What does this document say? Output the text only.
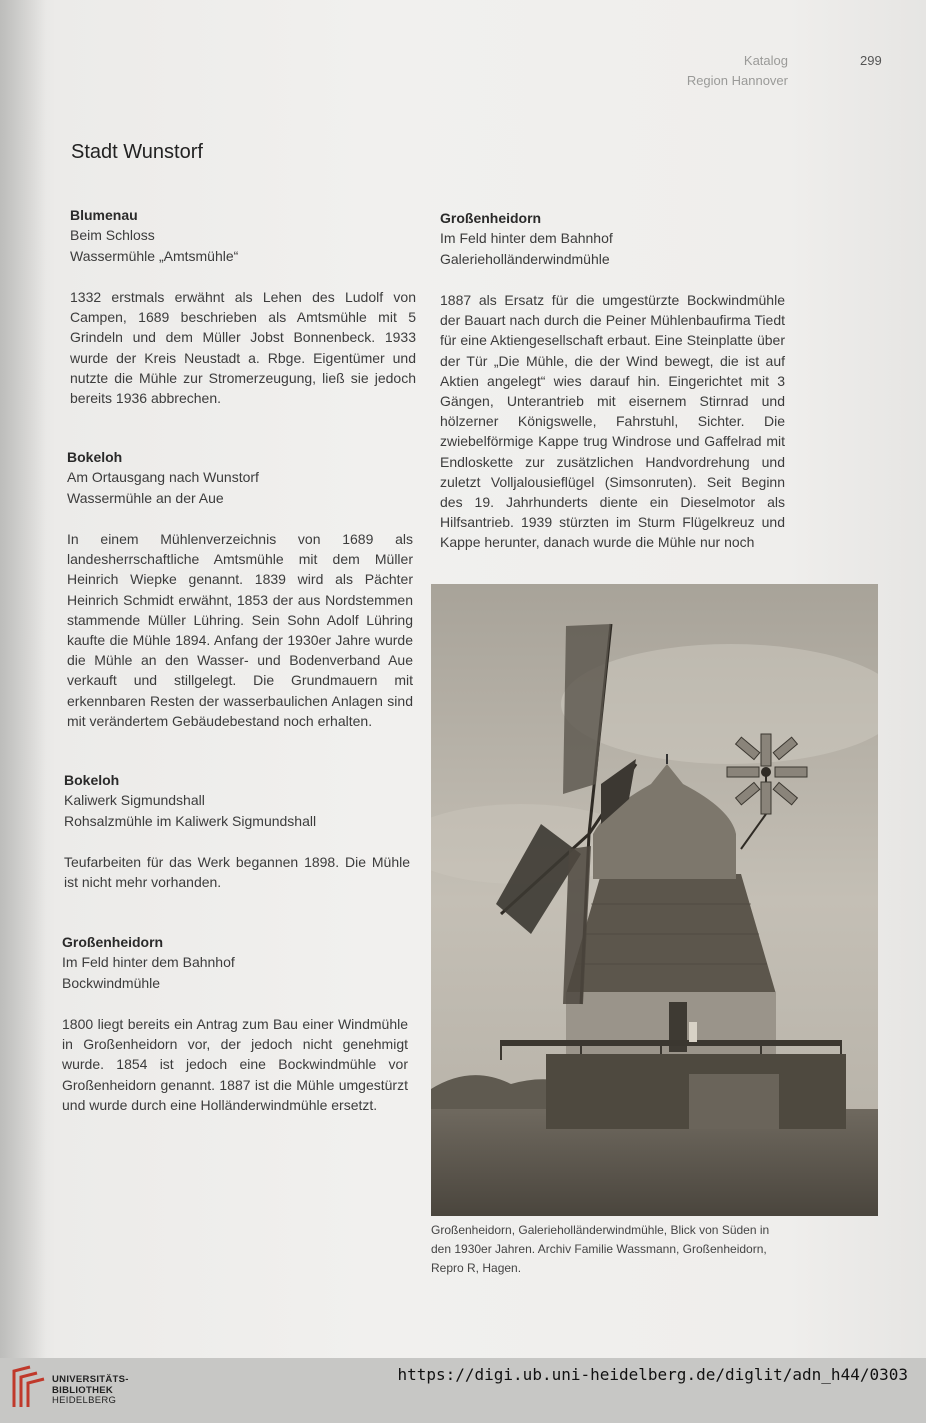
Katalog
Region Hannover
299
Stadt Wunstorf
Blumenau
Beim Schloss
Wassermühle „Amtsmühle“

1332 erstmals erwähnt als Lehen des Ludolf von Campen, 1689 beschrieben als Amtsmühle mit 5 Grindeln und dem Müller Jobst Bonnenbeck. 1933 wurde der Kreis Neustadt a. Rbge. Eigentümer und nutzte die Mühle zur Stromerzeugung, ließ sie jedoch bereits 1936 abbrechen.

Bokeloh
Am Ortausgang nach Wunstorf
Wassermühle an der Aue

In einem Mühlenverzeichnis von 1689 als landesherrschaftliche Amtsmühle mit dem Müller Heinrich Wiepke genannt. 1839 wird als Pächter Heinrich Schmidt erwähnt, 1853 der aus Nordstemmen stammende Müller Lühring. Sein Sohn Adolf Lühring kaufte die Mühle 1894. Anfang der 1930er Jahre wurde die Mühle an den Wasser- und Bodenverband Aue verkauft und stillgelegt. Die Grundmauern mit erkennbaren Resten der wasserbaulichen Anlagen sind mit verändertem Gebäudebestand noch erhalten.

Bokeloh
Kaliwerk Sigmundshall
Rohsalzmühle im Kaliwerk Sigmundshall

Teufarbeiten für das Werk begannen 1898. Die Mühle ist nicht mehr vorhanden.

Großenheidorn
Im Feld hinter dem Bahnhof
Bockwindmühle

1800 liegt bereits ein Antrag zum Bau einer Windmühle in Großenheidorn vor, der jedoch nicht genehmigt wurde. 1854 ist jedoch eine Bockwindmühle vor Großenheidorn genannt. 1887 ist die Mühle umgestürzt und wurde durch eine Holländerwindmühle ersetzt.

Großenheidorn
Im Feld hinter dem Bahnhof
Galerieholländerwindmühle

1887 als Ersatz für die umgestürzte Bockwindmühle der Bauart nach durch die Peiner Mühlenbaufirma Tiedt für eine Aktiengesellschaft erbaut. Eine Steinplatte über der Tür „Die Mühle, die der Wind bewegt, die ist auf Aktien angelegt“ wies darauf hin. Eingerichtet mit 3 Gängen, Unterantrieb mit eisernem Stirnrad und hölzerner Königswelle, Fahrstuhl, Sichter. Die zwiebelförmige Kappe trug Windrose und Gaffelrad mit Endloskette zur zusätzlichen Handvordrehung und zuletzt Volljalousieflügel (Simsonruten). Seit Beginn des 19. Jahrhunderts diente ein Dieselmotor als Hilfsantrieb. 1939 stürzten im Sturm Flügelkreuz und Kappe herunter, danach wurde die Mühle nur noch

Großenheidorn, Galerieholländerwindmühle, Blick von Süden in den 1930er Jahren. Archiv Familie Wassmann, Großenheidorn, Repro R, Hagen.
UNIVERSITÄTS-
BIBLIOTHEK
HEIDELBERG
https://digi.ub.uni-heidelberg.de/diglit/adn_h44/0303
